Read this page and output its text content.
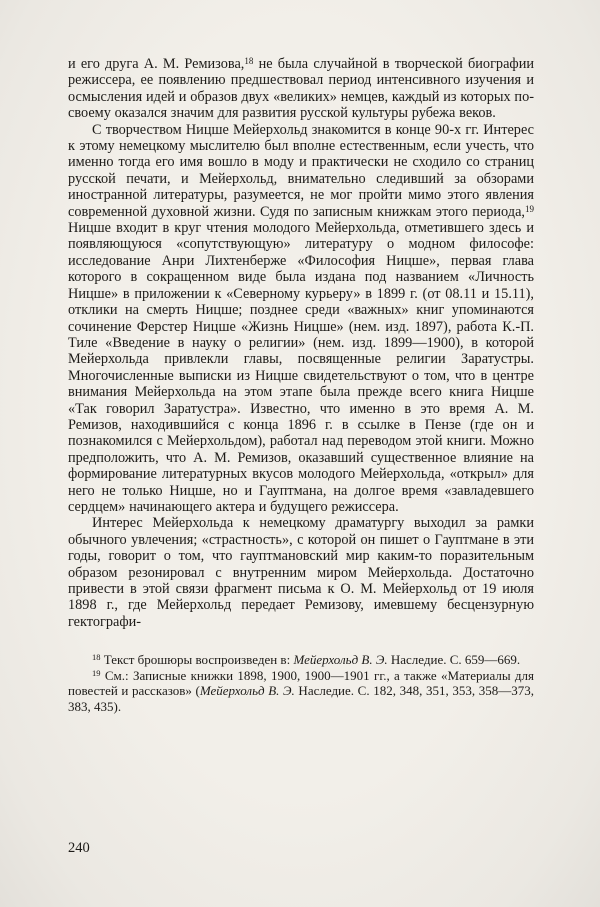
и его друга А. М. Ремизова,$^{18}$ не была случайной в творческой биографии режиссера, ее появлению предшествовал период интенсивного изучения и осмысления идей и образов двух «великих» немцев, каждый из которых по-своему оказался значим для развития русской культуры рубежа веков.

С творчеством Ницше Мейерхольд знакомится в конце 90-х гг. Интерес к этому немецкому мыслителю был вполне естественным, если учесть, что именно тогда его имя вошло в моду и практически не сходило со страниц русской печати, и Мейерхольд, внимательно следивший за обзорами иностранной литературы, разумеется, не мог пройти мимо этого явления современной духовной жизни. Судя по записным книжкам этого периода,$^{19}$ Ницше входит в круг чтения молодого Мейерхольда, отметившего здесь и появляющуюся «сопутствующую» литературу о модном философе: исследование Анри Лихтенберже «Философия Ницше», первая глава которого в сокращенном виде была издана под названием «Личность Ницше» в приложении к «Северному курьеру» в 1899 г. (от 08.11 и 15.11), отклики на смерть Ницше; позднее среди «важных» книг упоминаются сочинение Ферстер Ницше «Жизнь Ницше» (нем. изд. 1897), работа К.-П. Тиле «Введение в науку о религии» (нем. изд. 1899—1900), в которой Мейерхольда привлекли главы, посвященные религии Заратустры. Многочисленные выписки из Ницше свидетельствуют о том, что в центре внимания Мейерхольда на этом этапе была прежде всего книга Ницше «Так говорил Заратустра». Известно, что именно в это время А. М. Ремизов, находившийся с конца 1896 г. в ссылке в Пензе (где он и познакомился с Мейерхольдом), работал над переводом этой книги. Можно предположить, что А. М. Ремизов, оказавший существенное влияние на формирование литературных вкусов молодого Мейерхольда, «открыл» для него не только Ницше, но и Гауптмана, на долгое время «завладевшего сердцем» начинающего актера и будущего режиссера.

Интерес Мейерхольда к немецкому драматургу выходил за рамки обычного увлечения; «страстность», с которой он пишет о Гауптмане в эти годы, говорит о том, что гауптмановский мир каким-то поразительным образом резонировал с внутренним миром Мейерхольда. Достаточно привести в этой связи фрагмент письма к О. М. Мейерхольд от 19 июля 1898 г., где Мейерхольд передает Ремизову, имевшему бесцензурную гектографи-

$^{18}$ Текст брошюры воспроизведен в: Мейерхольд В. Э. Наследие. С. 659—669.

$^{19}$ См.: Записные книжки 1898, 1900, 1900—1901 гг., а также «Материалы для повестей и рассказов» (Мейерхольд В. Э. Наследие. С. 182, 348, 351, 353, 358—373, 383, 435).

240
